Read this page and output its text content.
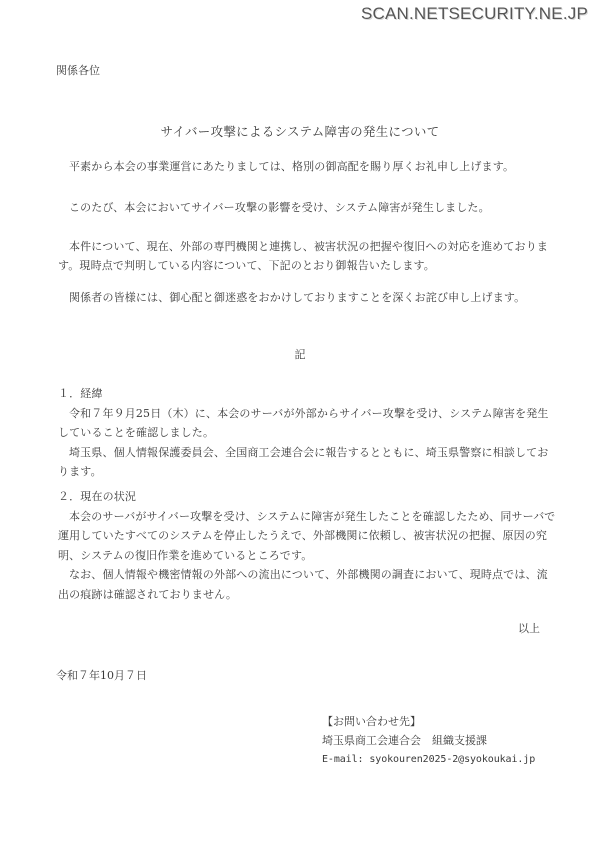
SCAN.NETSECURITY.NE.JP
関係各位
サイバー攻撃によるシステム障害の発生について
平素から本会の事業運営にあたりましては、格別の御高配を賜り厚くお礼申し上げます。
このたび、本会においてサイバー攻撃の影響を受け、システム障害が発生しました。
本件について、現在、外部の専門機関と連携し、被害状況の把握や復旧への対応を進めております。現時点で判明している内容について、下記のとおり御報告いたします。
関係者の皆様には、御心配と御迷惑をおかけしておりますことを深くお詫び申し上げます。
記
１．経緯
令和７年９月25日（木）に、本会のサーバが外部からサイバー攻撃を受け、システム障害を発生していることを確認しました。
埼玉県、個人情報保護委員会、全国商工会連合会に報告するとともに、埼玉県警察に相談しております。
２．現在の状況
本会のサーバがサイバー攻撃を受け、システムに障害が発生したことを確認したため、同サーバで運用していたすべてのシステムを停止したうえで、外部機関に依頼し、被害状況の把握、原因の究明、システムの復旧作業を進めているところです。
なお、個人情報や機密情報の外部への流出について、外部機関の調査において、現時点では、流出の痕跡は確認されておりません。
以上
令和７年10月７日
【お問い合わせ先】
埼玉県商工会連合会　組織支援課
E-mail: syokouren2025-2@syokoukai.jp
